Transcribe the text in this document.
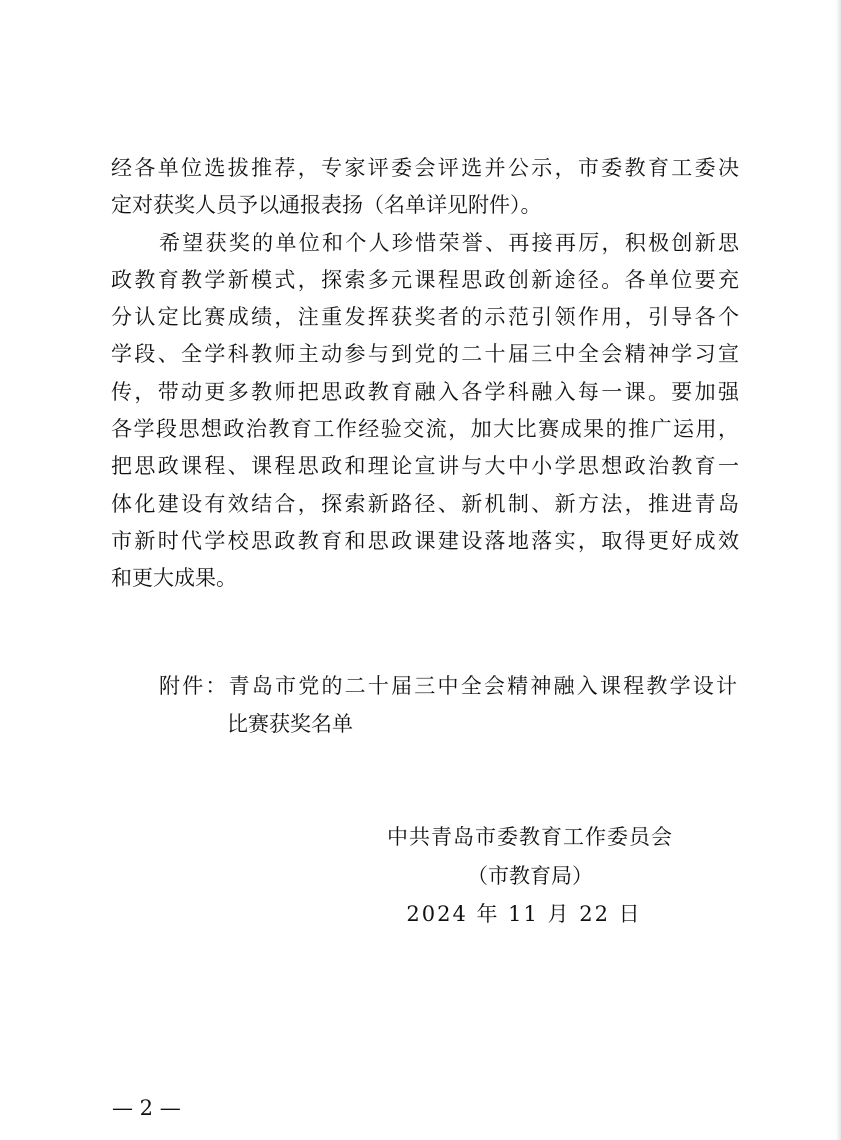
经各单位选拔推荐，专家评委会评选并公示，市委教育工委决
定对获奖人员予以通报表扬（名单详见附件）。
希望获奖的单位和个人珍惜荣誉、再接再厉，积极创新思
政教育教学新模式，探索多元课程思政创新途径。各单位要充
分认定比赛成绩，注重发挥获奖者的示范引领作用，引导各个
学段、全学科教师主动参与到党的二十届三中全会精神学习宣
传，带动更多教师把思政教育融入各学科融入每一课。要加强
各学段思想政治教育工作经验交流，加大比赛成果的推广运用，
把思政课程、课程思政和理论宣讲与大中小学思想政治教育一
体化建设有效结合，探索新路径、新机制、新方法，推进青岛
市新时代学校思政教育和思政课建设落地落实，取得更好成效
和更大成果。
附件：青岛市党的二十届三中全会精神融入课程教学设计
比赛获奖名单
中共青岛市委教育工作委员会
（市教育局）
2024 年 11 月 22 日
— 2 —
